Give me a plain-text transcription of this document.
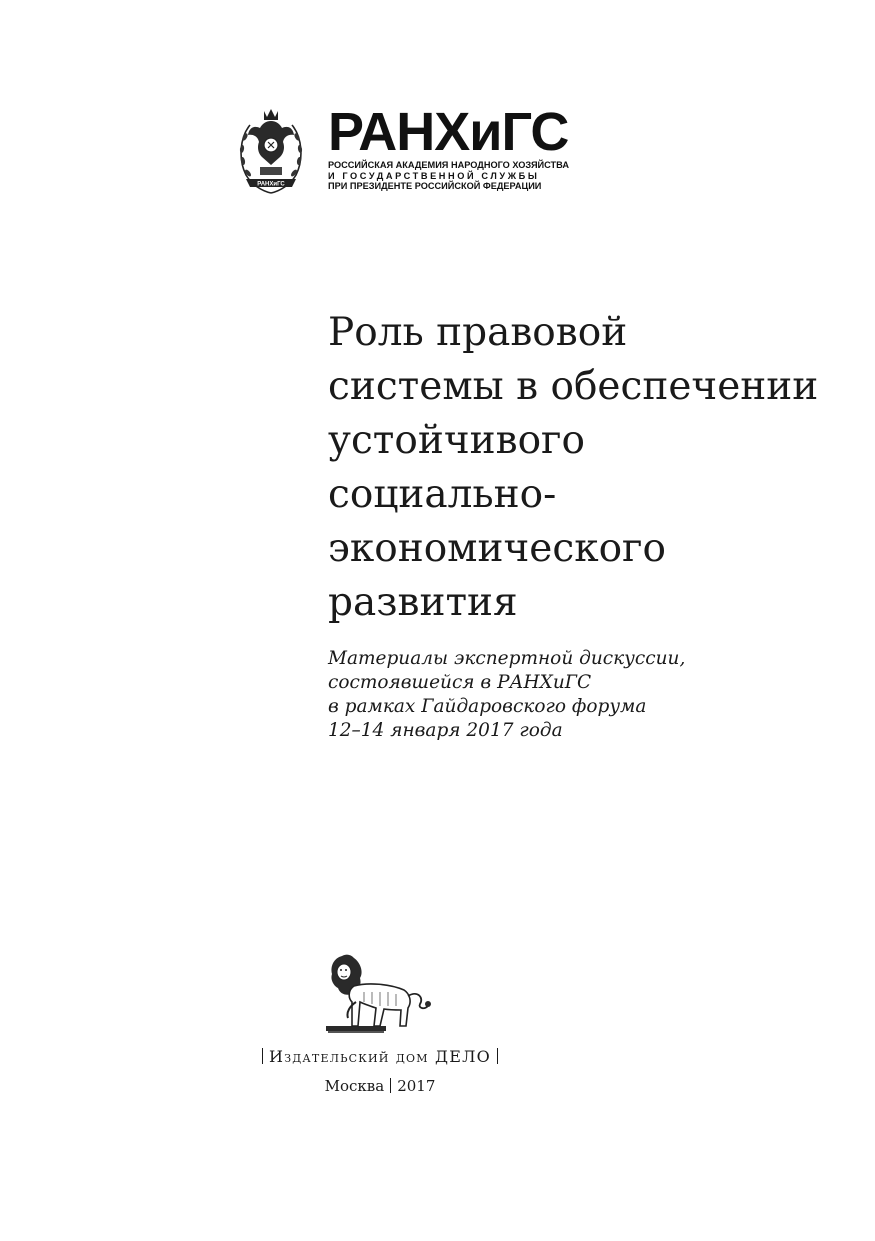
РАНХиГС
РАНХиГС
РОССИЙСКАЯ АКАДЕМИЯ НАРОДНОГО ХОЗЯЙСТВА
И ГОСУДАРСТВЕННОЙ СЛУЖБЫ
ПРИ ПРЕЗИДЕНТЕ РОССИЙСКОЙ ФЕДЕРАЦИИ
Роль правовой
системы в обеспечении
устойчивого
социально-
экономического
развития
Материалы экспертной дискуссии,
состоявшейся в РАНХиГС
в рамках Гайдаровского форума
12–14 января 2017 года
Издательский дом ДЕЛО
Москва 2017
